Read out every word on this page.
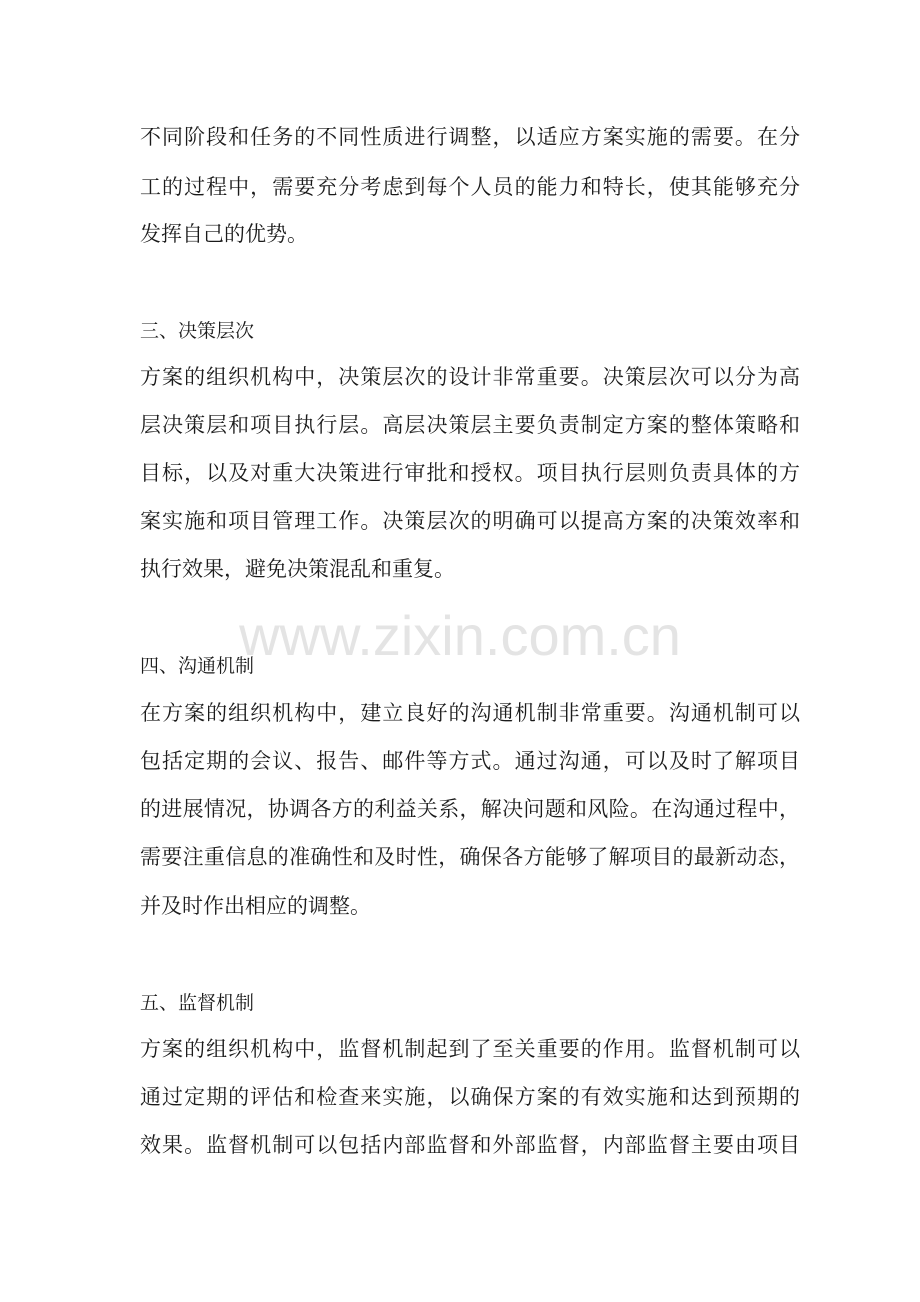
不同阶段和任务的不同性质进行调整，以适应方案实施的需要。在分
工的过程中，需要充分考虑到每个人员的能力和特长，使其能够充分
发挥自己的优势。
三、决策层次
方案的组织机构中，决策层次的设计非常重要。决策层次可以分为高
层决策层和项目执行层。高层决策层主要负责制定方案的整体策略和
目标，以及对重大决策进行审批和授权。项目执行层则负责具体的方
案实施和项目管理工作。决策层次的明确可以提高方案的决策效率和
执行效果，避免决策混乱和重复。
www.zixin.com.cn
四、沟通机制
在方案的组织机构中，建立良好的沟通机制非常重要。沟通机制可以
包括定期的会议、报告、邮件等方式。通过沟通，可以及时了解项目
的进展情况，协调各方的利益关系，解决问题和风险。在沟通过程中，
需要注重信息的准确性和及时性，确保各方能够了解项目的最新动态，
并及时作出相应的调整。
五、监督机制
方案的组织机构中，监督机制起到了至关重要的作用。监督机制可以
通过定期的评估和检查来实施，以确保方案的有效实施和达到预期的
效果。监督机制可以包括内部监督和外部监督，内部监督主要由项目
